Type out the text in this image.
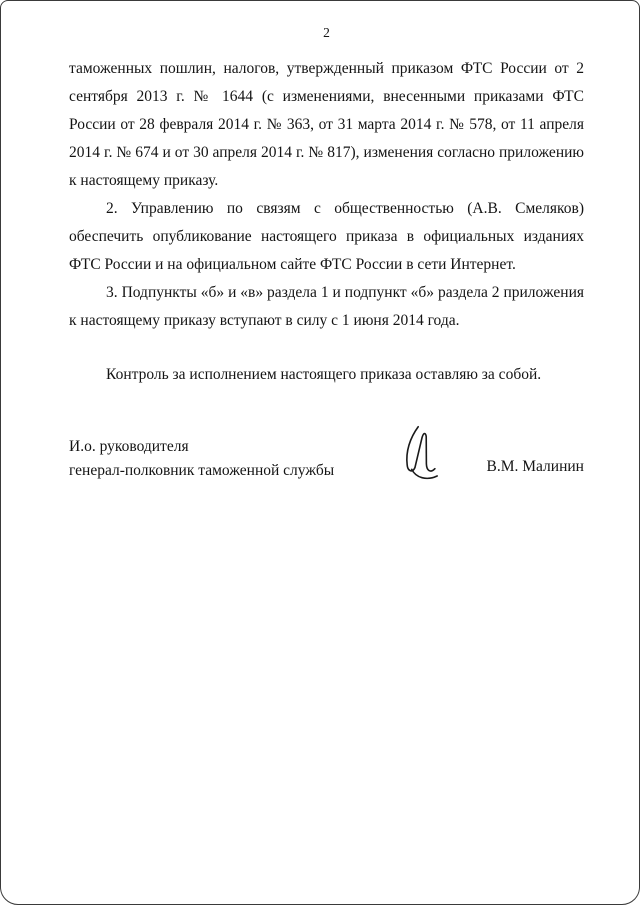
2

таможенных пошлин, налогов, утвержденный приказом ФТС России от 2 сентября 2013 г. № 1644 (с изменениями, внесенными приказами ФТС России от 28 февраля 2014 г. № 363, от 31 марта 2014 г. № 578, от 11 апреля 2014 г. № 674 и от 30 апреля 2014 г. № 817), изменения согласно приложению к настоящему приказу.

2. Управлению по связям с общественностью (А.В. Смеляков) обеспечить опубликование настоящего приказа в официальных изданиях ФТС России и на официальном сайте ФТС России в сети Интернет.

3. Подпункты «б» и «в» раздела 1 и подпункт «б» раздела 2 приложения к настоящему приказу вступают в силу с 1 июня 2014 года.

Контроль за исполнением настоящего приказа оставляю за собой.

И.о. руководителя
генерал-полковник таможенной службы	В.М. Малинин
